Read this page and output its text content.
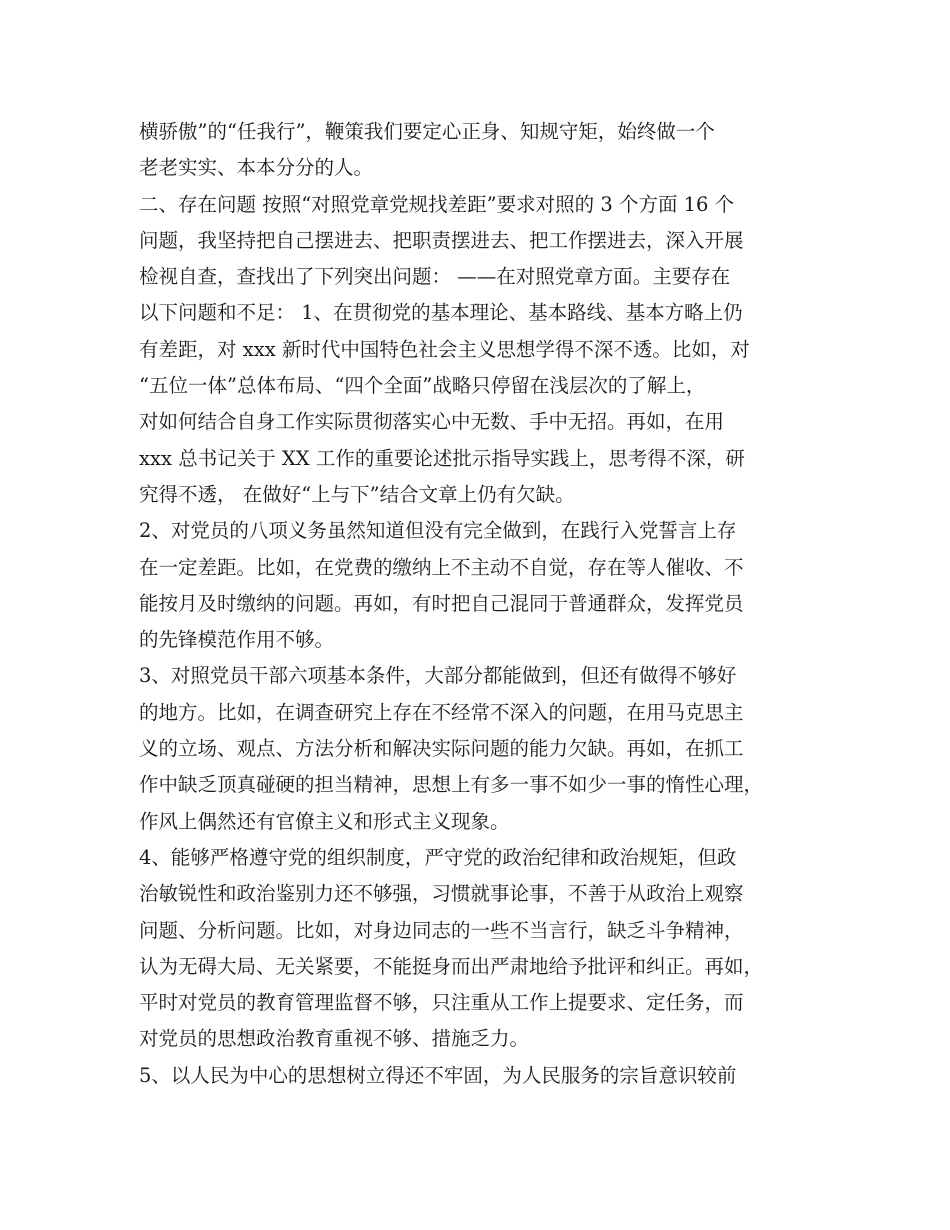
横骄傲”的“任我行”，鞭策我们要定心正身、知规守矩，始终做一个
老老实实、本本分分的人。
二、存在问题 按照“对照党章党规找差距”要求对照的 3 个方面 16 个
问题，我坚持把自己摆进去、把职责摆进去、把工作摆进去，深入开展
检视自查，查找出了下列突出问题： ——在对照党章方面。主要存在
以下问题和不足： 1、在贯彻党的基本理论、基本路线、基本方略上仍
有差距，对 xxx 新时代中国特色社会主义思想学得不深不透。比如，对
“五位一体”总体布局、“四个全面”战略只停留在浅层次的了解上，
对如何结合自身工作实际贯彻落实心中无数、手中无招。再如，在用
xxx 总书记关于 XX 工作的重要论述批示指导实践上，思考得不深，研
究得不透， 在做好“上与下”结合文章上仍有欠缺。
2、对党员的八项义务虽然知道但没有完全做到，在践行入党誓言上存
在一定差距。比如，在党费的缴纳上不主动不自觉，存在等人催收、不
能按月及时缴纳的问题。再如，有时把自己混同于普通群众，发挥党员
的先锋模范作用不够。
3、对照党员干部六项基本条件，大部分都能做到，但还有做得不够好
的地方。比如，在调查研究上存在不经常不深入的问题，在用马克思主
义的立场、观点、方法分析和解决实际问题的能力欠缺。再如，在抓工
作中缺乏顶真碰硬的担当精神，思想上有多一事不如少一事的惰性心理，
作风上偶然还有官僚主义和形式主义现象。
4、能够严格遵守党的组织制度，严守党的政治纪律和政治规矩，但政
治敏锐性和政治鉴别力还不够强，习惯就事论事，不善于从政治上观察
问题、分析问题。比如，对身边同志的一些不当言行，缺乏斗争精神，
认为无碍大局、无关紧要，不能挺身而出严肃地给予批评和纠正。再如，
平时对党员的教育管理监督不够，只注重从工作上提要求、定任务，而
对党员的思想政治教育重视不够、措施乏力。
5、以人民为中心的思想树立得还不牢固，为人民服务的宗旨意识较前
